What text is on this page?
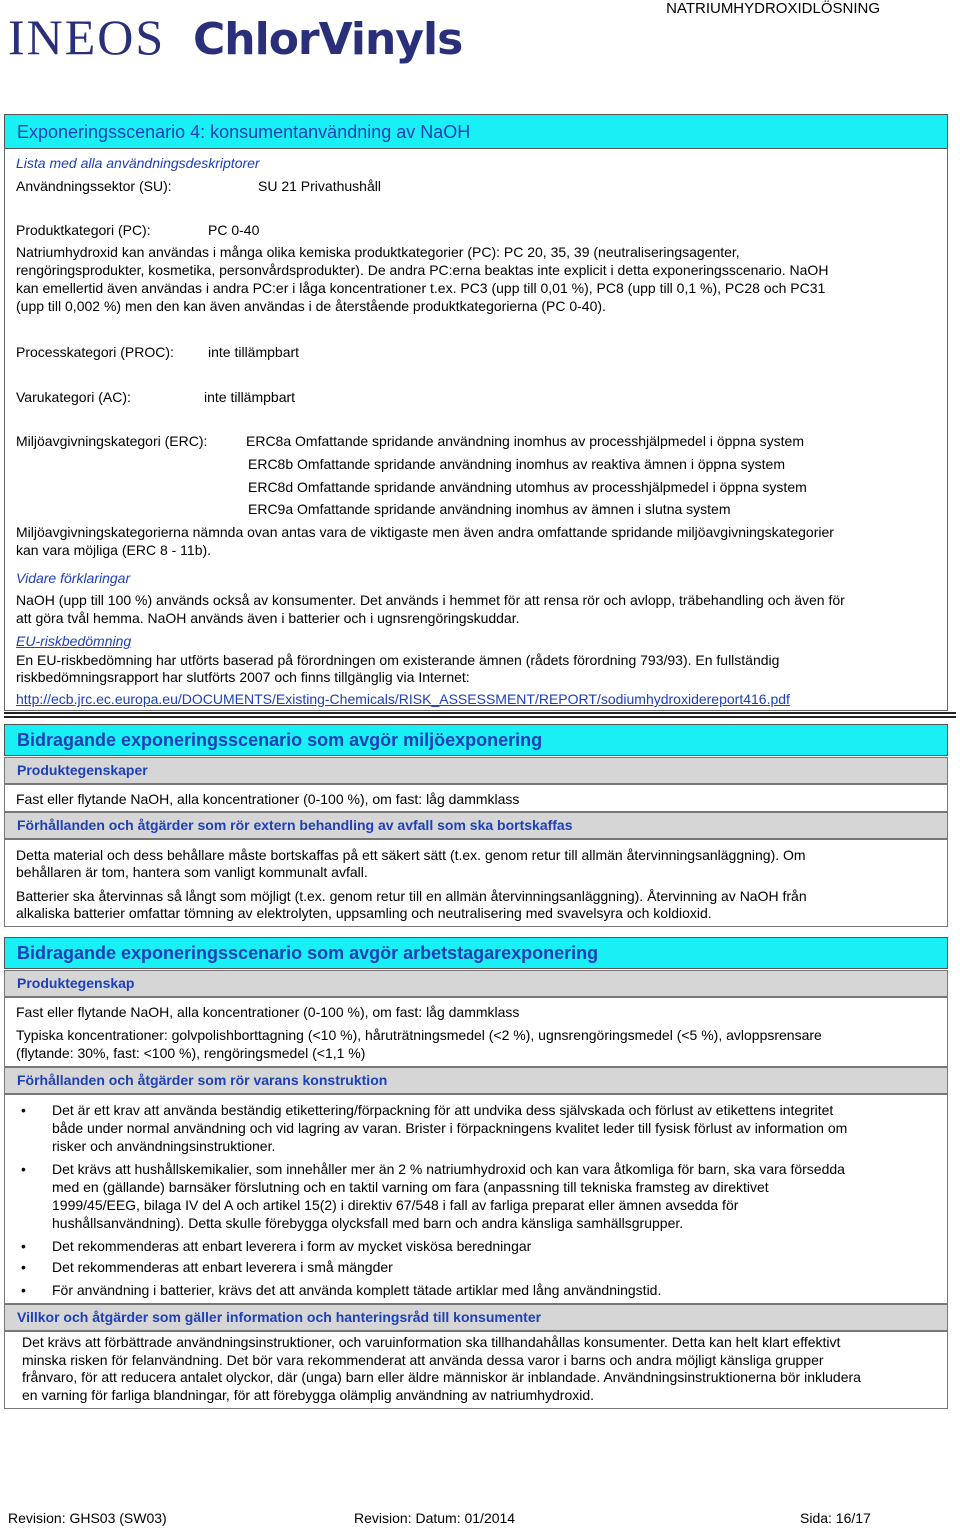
INEOS ChlorVinyls
NATRIUMHYDROXIDLÖSNING
Exponeringsscenario 4: konsumentanvändning av NaOH
Lista med alla användningsdeskriptorer
Användningssektor (SU):	SU 21 Privathushåll
Produktkategori (PC):	PC 0-40
Natriumhydroxid kan användas i många olika kemiska produktkategorier (PC): PC 20, 35, 39 (neutraliseringsagenter,
rengöringsprodukter, kosmetika, personvårdsprodukter). De andra PC:erna beaktas inte explicit i detta exponeringsscenario. NaOH
kan emellertid även användas i andra PC:er i låga koncentrationer t.ex. PC3 (upp till 0,01 %), PC8 (upp till 0,1 %), PC28 och PC31
(upp till 0,002 %) men den kan även användas i de återstående produktkategorierna (PC 0-40).
Processkategori (PROC): inte tillämpbart
Varukategori (AC):	inte tillämpbart
Miljöavgivningskategori (ERC):	ERC8a Omfattande spridande användning inomhus av processhjälpmedel i öppna system
ERC8b Omfattande spridande användning inomhus av reaktiva ämnen i öppna system
ERC8d Omfattande spridande användning utomhus av processhjälpmedel i öppna system
ERC9a Omfattande spridande användning inomhus av ämnen i slutna system
Miljöavgivningskategorierna nämnda ovan antas vara de viktigaste men även andra omfattande spridande miljöavgivningskategorier
kan vara möjliga (ERC 8 - 11b).
Vidare förklaringar
NaOH (upp till 100 %) används också av konsumenter. Det används i hemmet för att rensa rör och avlopp, träbehandling och även för
att göra tvål hemma. NaOH används även i batterier och i ugnsrengöringskuddar.
EU-riskbedömning
En EU-riskbedömning har utförts baserad på förordningen om existerande ämnen (rådets förordning 793/93). En fullständig
riskbedömningsrapport har slutförts 2007 och finns tillgänglig via Internet:
http://ecb.jrc.ec.europa.eu/DOCUMENTS/Existing-Chemicals/RISK_ASSESSMENT/REPORT/sodiumhydroxidereport416.pdf
Bidragande exponeringsscenario som avgör miljöexponering
Produktegenskaper
Fast eller flytande NaOH, alla koncentrationer (0-100 %), om fast: låg dammklass
Förhållanden och åtgärder som rör extern behandling av avfall som ska bortskaffas
Detta material och dess behållare måste bortskaffas på ett säkert sätt (t.ex. genom retur till allmän återvinningsanläggning). Om
behållaren är tom, hantera som vanligt kommunalt avfall.
Batterier ska återvinnas så långt som möjligt (t.ex. genom retur till en allmän återvinningsanläggning). Återvinning av NaOH från
alkaliska batterier omfattar tömning av elektrolyten, uppsamling och neutralisering med svavelsyra och koldioxid.
Bidragande exponeringsscenario som avgör arbetstagarexponering
Produktegenskap
Fast eller flytande NaOH, alla koncentrationer (0-100 %), om fast: låg dammklass
Typiska koncentrationer: golvpolishborttagning (<10 %), håruträtningsmedel (<2 %), ugnsrengöringsmedel (<5 %), avloppsrensare
(flytande: 30%, fast: <100 %), rengöringsmedel (<1,1 %)
Förhållanden och åtgärder som rör varans konstruktion
• Det är ett krav att använda beständig etikettering/förpackning för att undvika dess självskada och förlust av etikettens integritet
både under normal användning och vid lagring av varan. Brister i förpackningens kvalitet leder till fysisk förlust av information om
risker och användningsinstruktioner.
• Det krävs att hushållskemikalier, som innehåller mer än 2 % natriumhydroxid och kan vara åtkomliga för barn, ska vara försedda
med en (gällande) barnsäker förslutning och en taktil varning om fara (anpassning till tekniska framsteg av direktivet
1999/45/EEG, bilaga IV del A och artikel 15(2) i direktiv 67/548 i fall av farliga preparat eller ämnen avsedda för
hushållsanvändning). Detta skulle förebygga olycksfall med barn och andra känsliga samhällsgrupper.
• Det rekommenderas att enbart leverera i form av mycket viskösa beredningar
• Det rekommenderas att enbart leverera i små mängder
• För användning i batterier, krävs det att använda komplett tätade artiklar med lång användningstid.
Villkor och åtgärder som gäller information och hanteringsråd till konsumenter
Det krävs att förbättrade användningsinstruktioner, och varuinformation ska tillhandahållas konsumenter. Detta kan helt klart effektivt
minska risken för felanvändning. Det bör vara rekommenderat att använda dessa varor i barns och andra möjligt känsliga grupper
frånvaro, för att reducera antalet olyckor, där (unga) barn eller äldre människor är inblandade. Användningsinstruktionerna bör inkludera
en varning för farliga blandningar, för att förebygga olämplig användning av natriumhydroxid.
Revision: GHS03 (SW03)	Revision: Datum: 01/2014	Sida: 16/17
